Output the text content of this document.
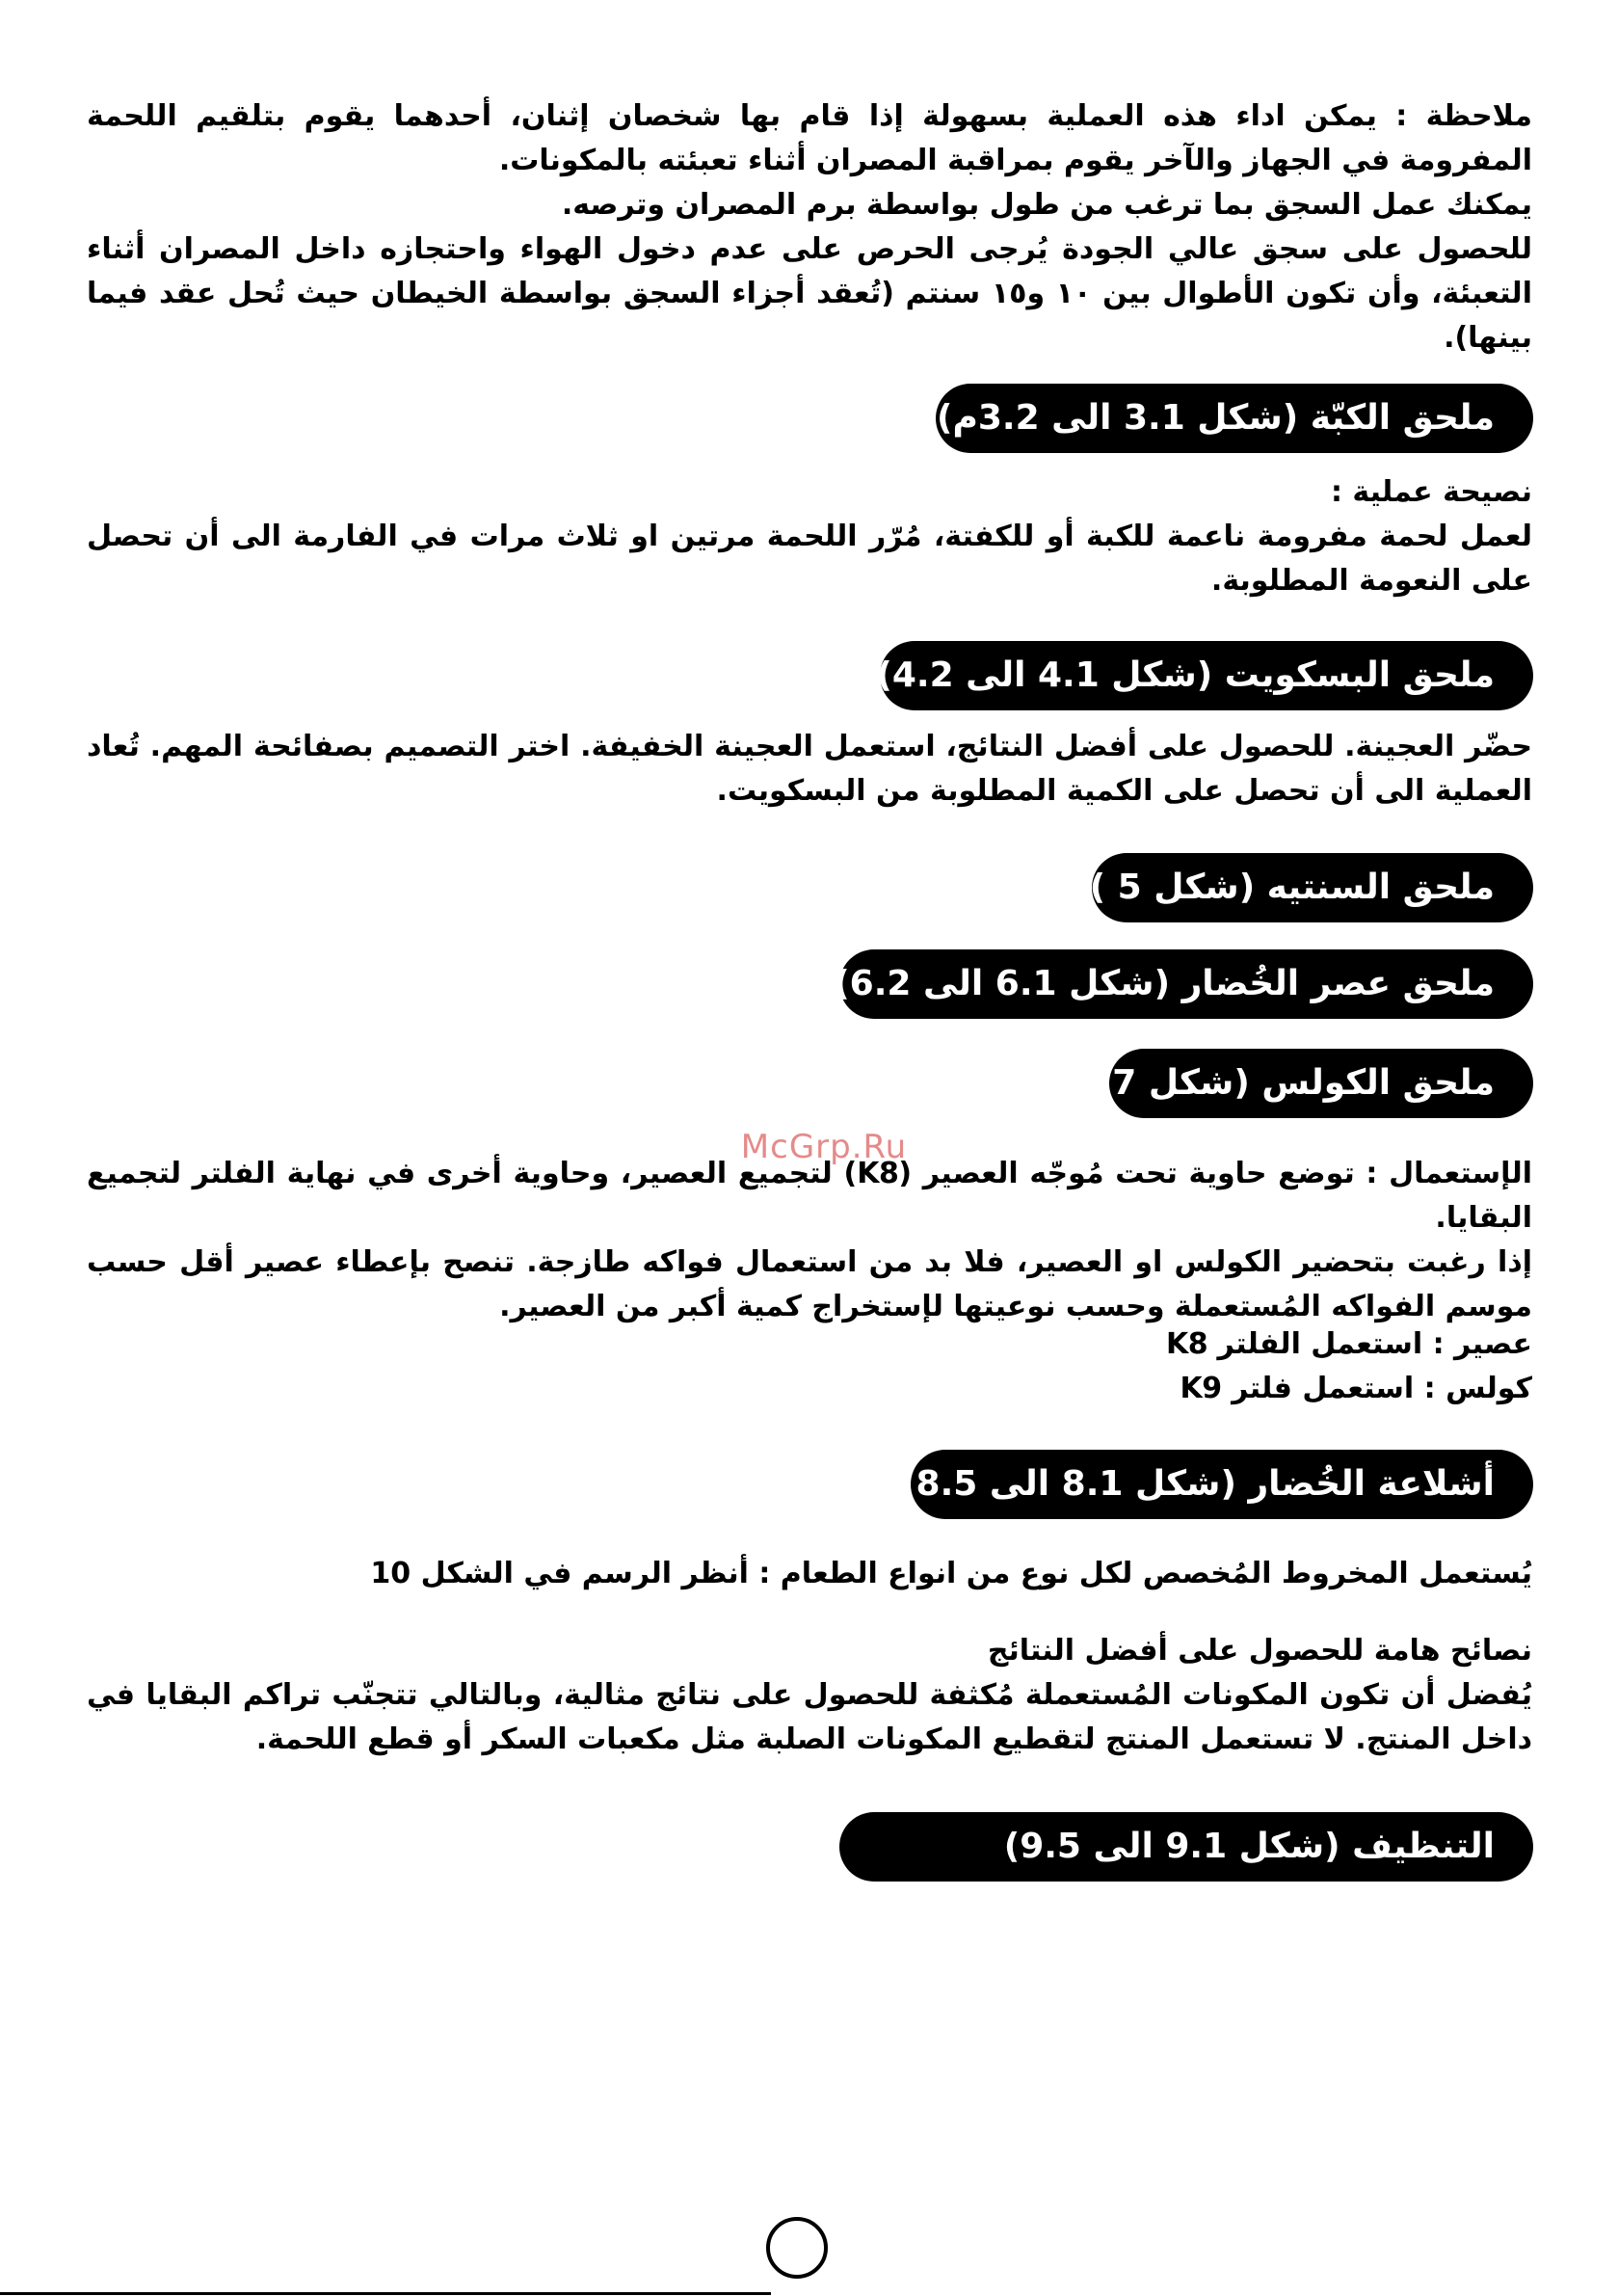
ملاحظة : يمكن اداء هذه العملية بسهولة إذا قام بها شخصان إثنان، أحدهما يقوم بتلقيم اللحمة المفرومة في الجهاز والآخر يقوم بمراقبة المصران أثناء تعبئته بالمكونات.

يمكنك عمل السجق بما ترغب من طول بواسطة برم المصران وترصه.

للحصول على سجق عالي الجودة يُرجى الحرص على عدم دخول الهواء واحتجازه داخل المصران أثناء التعبئة، وأن تكون الأطوال بين ١٠ و١٥ سنتم (تُعقد أجزاء السجق بواسطة الخيطان حيث تُحل عقد فيما بينها).

ملحق الكبّة (شكل 3.1 الى 3.2م)

نصيحة عملية :

لعمل لحمة مفرومة ناعمة للكبة أو للكفتة، مُرّر اللحمة مرتين او ثلاث مرات في الفارمة الى أن تحصل على النعومة المطلوبة.

ملحق البسكويت (شكل 4.1 الى 4.2)

حضّر العجينة. للحصول على أفضل النتائج، استعمل العجينة الخفيفة. اختر التصميم بصفائحة المهم. تُعاد العملية الى أن تحصل على الكمية المطلوبة من البسكويت.

ملحق السنتيه (شكل 5 )
ملحق عصر الخُضار (شكل 6.1 الى 6.2)
ملحق الكولس (شكل 7 )

الإستعمال : توضع حاوية تحت مُوجّه العصير (K8) لتجميع العصير، وحاوية أخرى في نهاية الفلتر لتجميع البقايا.

إذا رغبت بتحضير الكولس او العصير، فلا بد من استعمال فواكه طازجة. تنصح بإعطاء عصير أقل حسب موسم الفواكه المُستعملة وحسب نوعيتها لإستخراج كمية أكبر من العصير.

عصير : استعمل الفلتر K8

كولس : استعمل فلتر K9

McGrp.Ru
أشلاعة الخُضار (شكل 8.1 الى 8.5)

يُستعمل المخروط المُخصص لكل نوع من انواع الطعام : أنظر الرسم في الشكل 10

نصائح هامة للحصول على أفضل النتائج

يُفضل أن تكون المكونات المُستعملة مُكثفة للحصول على نتائج مثالية، وبالتالي تتجنّب تراكم البقايا في داخل المنتج. لا تستعمل المنتج لتقطيع المكونات الصلبة مثل مكعبات السكر أو قطع اللحمة.

التنظيف (شكل 9.1 الى 9.5)
